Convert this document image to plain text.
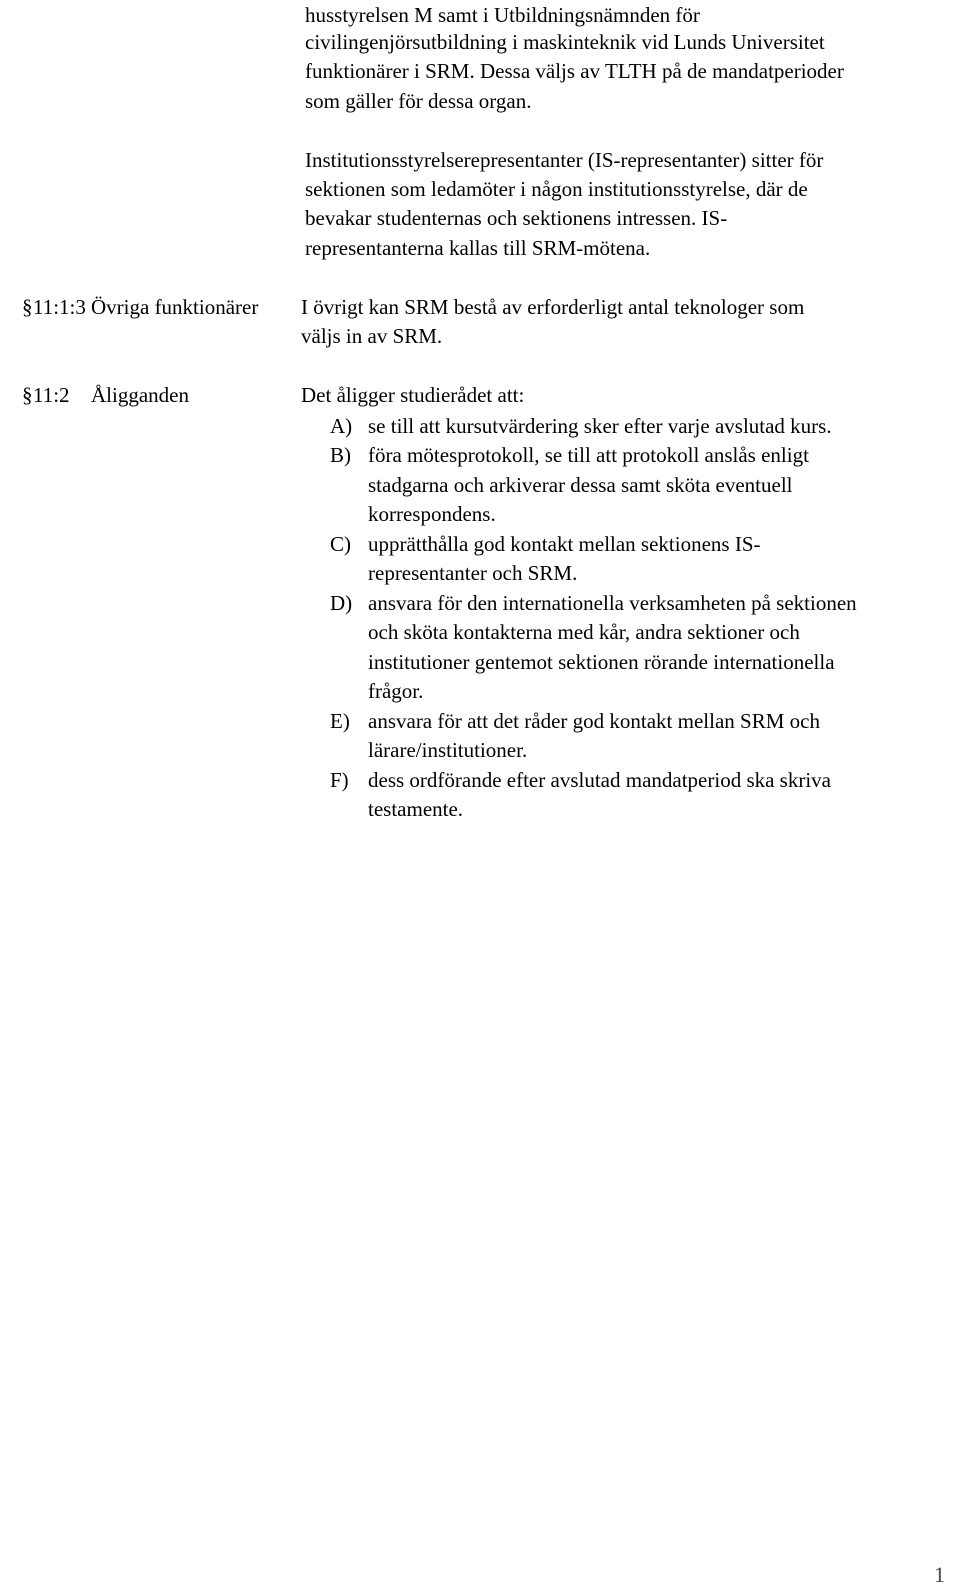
husstyrelsen M samt i Utbildningsnämnden för
civilingenjörsutbildning i maskinteknik vid Lunds Universitet
funktionärer i SRM. Dessa väljs av TLTH på de mandatperioder
som gäller för dessa organ.
Institutionsstyrelserepresentanter (IS-representanter) sitter för
sektionen som ledamöter i någon institutionsstyrelse, där de
bevakar studenternas och sektionens intressen. IS-
representanterna kallas till SRM-mötena.
§ 11:1:3 Övriga funktionärer I övrigt kan SRM bestå av erforderligt antal teknologer som
väljs in av SRM.
§ 11:2 Åligganden	Det åligger studierådet att:
A) se till att kursutvärdering sker efter varje avslutad kurs.
B) föra mötesprotokoll, se till att protokoll anslås enligt
stadgarna och arkiverar dessa samt sköta eventuell
korrespondens.
C) upprätthålla god kontakt mellan sektionens IS-
representanter och SRM.
D) ansvara för den internationella verksamheten på sektionen
och sköta kontakterna med kår, andra sektioner och
institutioner gentemot sektionen rörande internationella
frågor.
E) ansvara för att det råder god kontakt mellan SRM och
lärare/institutioner.
F) dess ordförande efter avslutad mandatperiod ska skriva
testamente.
1
